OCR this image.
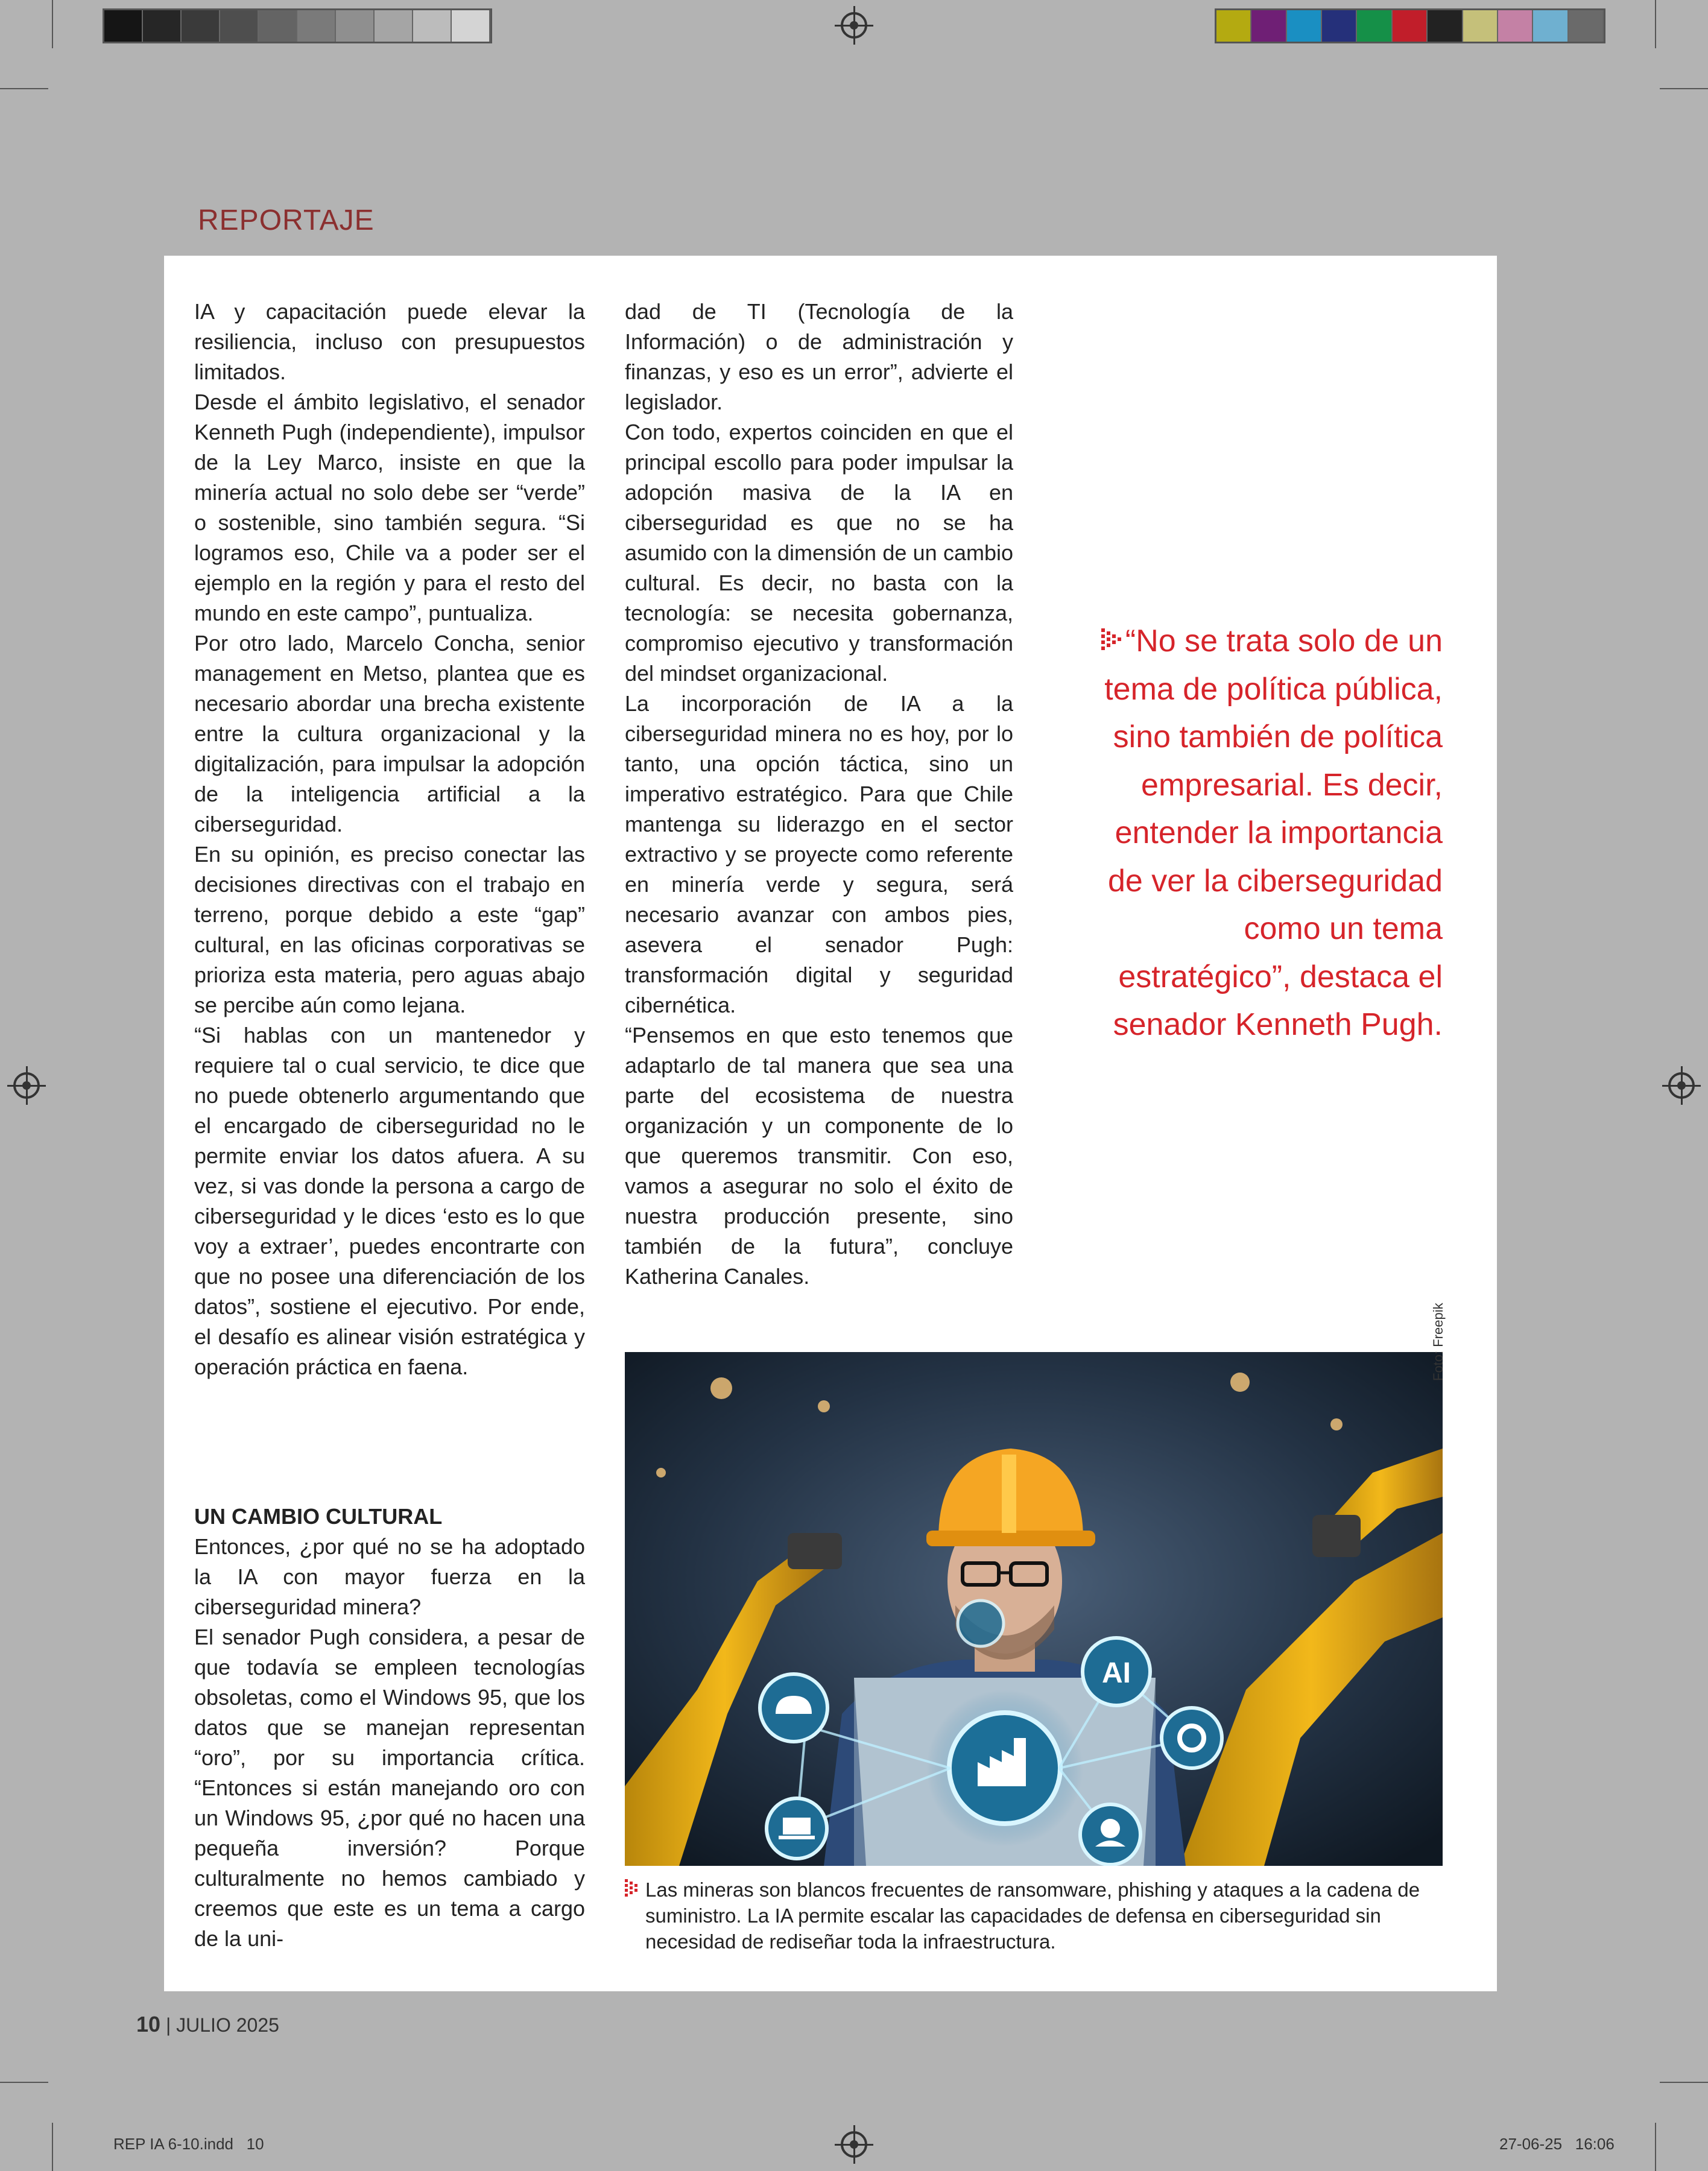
REPORTAJE

IA y capacitación puede elevar la resiliencia, incluso con presupuestos limitados.

Desde el ámbito legislativo, el senador Kenneth Pugh (independiente), impulsor de la Ley Marco, insiste en que la minería actual no solo debe ser “verde” o sostenible, sino también segura. “Si logramos eso, Chile va a poder ser el ejemplo en la región y para el resto del mundo en este campo”, puntualiza.

Por otro lado, Marcelo Concha, senior management en Metso, plantea que es necesario abordar una brecha existente entre la cultura organizacional y la digitalización, para impulsar la adopción de la inteligencia artificial a la ciberseguridad.

En su opinión, es preciso conectar las decisiones directivas con el trabajo en terreno, porque debido a este “gap” cultural, en las oficinas corporativas se prioriza esta materia, pero aguas abajo se percibe aún como lejana.

“Si hablas con un mantenedor y requiere tal o cual servicio, te dice que no puede obtenerlo argumentando que el encargado de ciberseguridad no le permite enviar los datos afuera. A su vez, si vas donde la persona a cargo de ciberseguridad y le dices ‘esto es lo que voy a extraer’, puedes encontrarte con que no posee una diferenciación de los datos”, sostiene el ejecutivo. Por ende, el desafío es alinear visión estratégica y operación práctica en faena.

UN CAMBIO CULTURAL

Entonces, ¿por qué no se ha adoptado la IA con mayor fuerza en la ciberseguridad minera?

El senador Pugh considera, a pesar de que todavía se empleen tecnologías obsoletas, como el Windows 95, que los datos que se manejan representan “oro”, por su importancia crítica. “Entonces si están manejando oro con un Windows 95, ¿por qué no hacen una pequeña inversión? Porque culturalmente no hemos cambiado y creemos que este es un tema a cargo de la uni-

dad de TI (Tecnología de la Información) o de administración y finanzas, y eso es un error”, advierte el legislador.

Con todo, expertos coinciden en que el principal escollo para poder impulsar la adopción masiva de la IA en ciberseguridad es que no se ha asumido con la dimensión de un cambio cultural. Es decir, no basta con la tecnología: se necesita gobernanza, compromiso ejecutivo y transformación del mindset organizacional.

La incorporación de IA a la ciberseguridad minera no es hoy, por lo tanto, una opción táctica, sino un imperativo estratégico. Para que Chile mantenga su liderazgo en el sector extractivo y se proyecte como referente en minería verde y segura, será necesario avanzar con ambos pies, asevera el senador Pugh: transformación digital y seguridad cibernética.

“Pensemos en que esto tenemos que adaptarlo de tal manera que sea una parte del ecosistema de nuestra organización y un componente de lo que queremos transmitir. Con eso, vamos a asegurar no solo el éxito de nuestra producción presente, sino también de la futura”, concluye Katherina Canales.

“No se trata solo de un tema de política pública, sino también de política empresarial. Es decir, entender la importancia de ver la ciberseguridad como un tema estratégico”, destaca el senador Kenneth Pugh.
AI
Foto: Freepik
Las mineras son blancos frecuentes de ransomware, phishing y ataques a la cadena de suministro. La IA permite escalar las capacidades de defensa en ciberseguridad sin necesidad de rediseñar toda la infraestructura.
10 | JULIO 2025
REP IA 6-10.indd   10	27-06-25   16:06
